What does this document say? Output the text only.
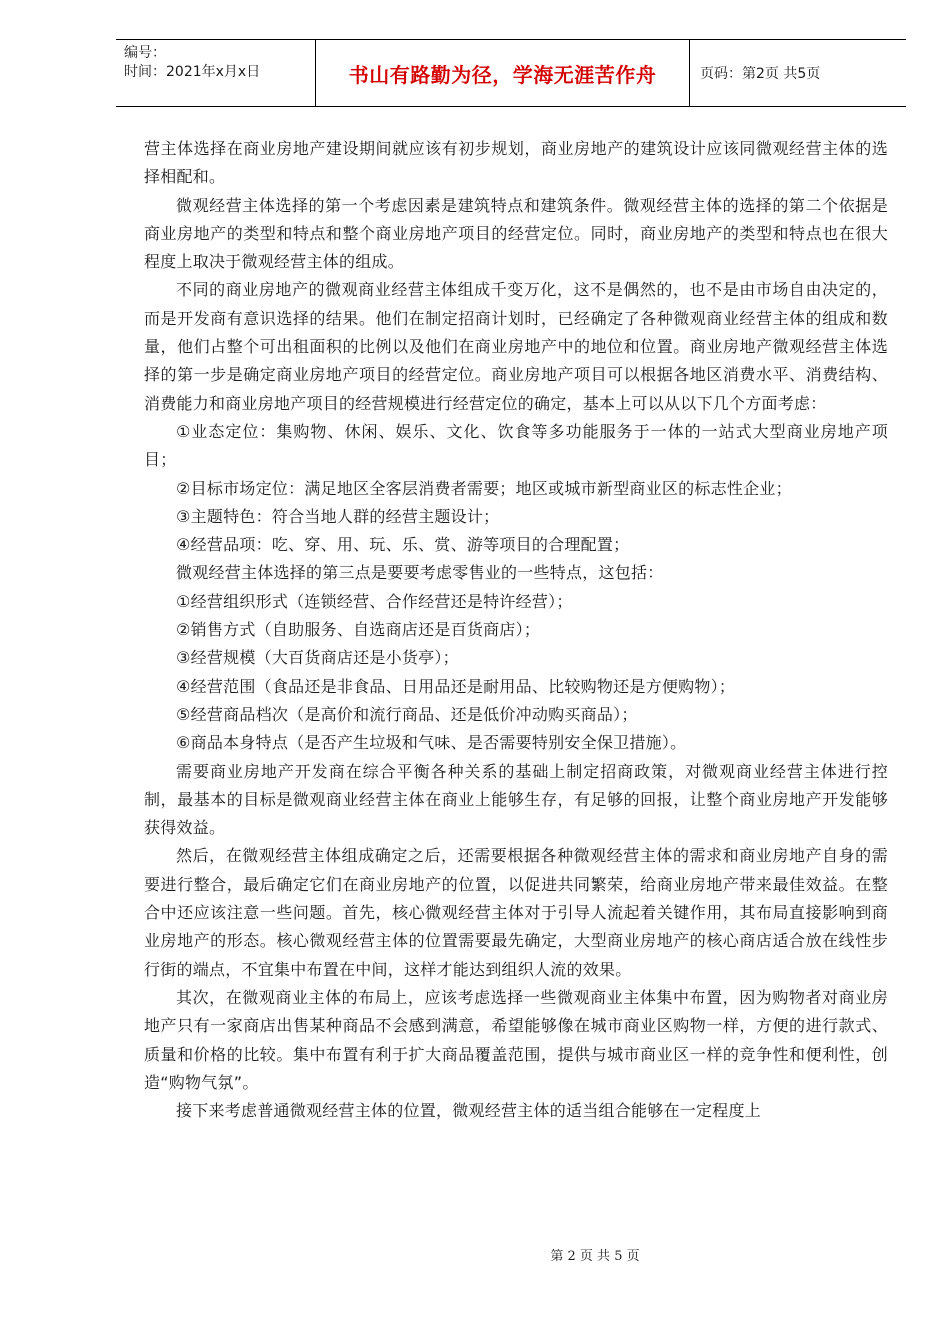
编号：
时间：2021年x月x日	书山有路勤为径，学海无涯苦作舟	页码：第2页 共5页

营主体选择在商业房地产建设期间就应该有初步规划，商业房地产的建筑设计应该同微观经营主体的选择相配和。

微观经营主体选择的第一个考虑因素是建筑特点和建筑条件。微观经营主体的选择的第二个依据是商业房地产的类型和特点和整个商业房地产项目的经营定位。同时，商业房地产的类型和特点也在很大程度上取决于微观经营主体的组成。

不同的商业房地产的微观商业经营主体组成千变万化，这不是偶然的，也不是由市场自由决定的，而是开发商有意识选择的结果。他们在制定招商计划时，已经确定了各种微观商业经营主体的组成和数量，他们占整个可出租面积的比例以及他们在商业房地产中的地位和位置。商业房地产微观经营主体选择的第一步是确定商业房地产项目的经营定位。商业房地产项目可以根据各地区消费水平、消费结构、消费能力和商业房地产项目的经营规模进行经营定位的确定，基本上可以从以下几个方面考虑：

①业态定位：集购物、休闲、娱乐、文化、饮食等多功能服务于一体的一站式大型商业房地产项目；

②目标市场定位：满足地区全客层消费者需要；地区或城市新型商业区的标志性企业；

③主题特色：符合当地人群的经营主题设计；

④经营品项：吃、穿、用、玩、乐、赏、游等项目的合理配置；

微观经营主体选择的第三点是要要考虑零售业的一些特点，这包括：

①经营组织形式（连锁经营、合作经营还是特许经营）；

②销售方式（自助服务、自选商店还是百货商店）；

③经营规模（大百货商店还是小货亭）；

④经营范围（食品还是非食品、日用品还是耐用品、比较购物还是方便购物）；

⑤经营商品档次（是高价和流行商品、还是低价冲动购买商品）；

⑥商品本身特点（是否产生垃圾和气味、是否需要特别安全保卫措施）。

需要商业房地产开发商在综合平衡各种关系的基础上制定招商政策，对微观商业经营主体进行控制，最基本的目标是微观商业经营主体在商业上能够生存，有足够的回报，让整个商业房地产开发能够获得效益。

然后，在微观经营主体组成确定之后，还需要根据各种微观经营主体的需求和商业房地产自身的需要进行整合，最后确定它们在商业房地产的位置，以促进共同繁荣，给商业房地产带来最佳效益。在整合中还应该注意一些问题。首先，核心微观经营主体对于引导人流起着关键作用，其布局直接影响到商业房地产的形态。核心微观经营主体的位置需要最先确定，大型商业房地产的核心商店适合放在线性步行街的端点，不宜集中布置在中间，这样才能达到组织人流的效果。

其次，在微观商业主体的布局上，应该考虑选择一些微观商业主体集中布置，因为购物者对商业房地产只有一家商店出售某种商品不会感到满意，希望能够像在城市商业区购物一样，方便的进行款式、质量和价格的比较。集中布置有利于扩大商品覆盖范围，提供与城市商业区一样的竞争性和便利性，创造“购物气氛”。

接下来考虑普通微观经营主体的位置，微观经营主体的适当组合能够在一定程度上

第 2 页 共 5 页
